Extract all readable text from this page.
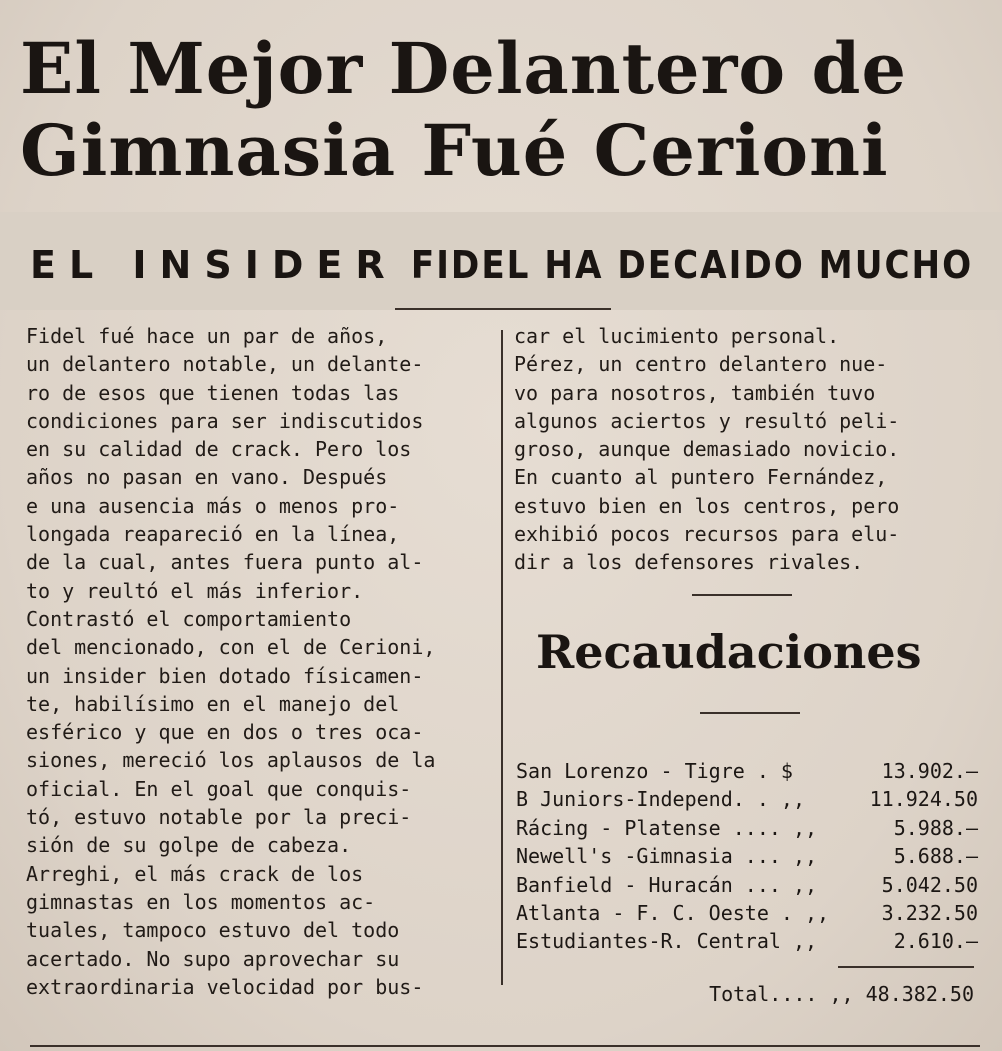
El Mejor Delantero de
Gimnasia Fué Cerioni
EL INSIDER FIDEL HA DECAIDO MUCHO

Fidel fué hace un par de años,

un delantero notable, un delante-

ro de esos que tienen todas las

condiciones para ser indiscutidos

en su calidad de crack. Pero los

años no pasan en vano. Después

e una ausencia más o menos pro-

longada reapareció en la línea,

de la cual, antes fuera punto al-

to y reultó el más inferior.

Contrastó el comportamiento

del mencionado, con el de Cerioni,

un insider bien dotado físicamen-

te, habilísimo en el manejo del

esférico y que en dos o tres oca-

siones, mereció los aplausos de la

oficial. En el goal que conquis-

tó, estuvo notable por la preci-

sión de su golpe de cabeza.

Arreghi, el más crack de los

gimnastas en los momentos ac-

tuales, tampoco estuvo del todo

acertado. No supo aprovechar su

extraordinaria velocidad por bus-

car el lucimiento personal.

Pérez, un centro delantero nue-

vo para nosotros, también tuvo

algunos aciertos y resultó peli-

groso, aunque demasiado novicio.

En cuanto al puntero Fernández,

estuvo bien en los centros, pero

exhibió pocos recursos para elu-

dir a los defensores rivales.

Recaudaciones
San Lorenzo - Tigre . $	13.902.—
B Juniors-Independ. . ,,	11.924.50
Rácing - Platense .... ,,	5.988.—
Newell's -Gimnasia ... ,,	5.688.—
Banfield - Huracán ... ,,	5.042.50
Atlanta - F. C. Oeste . ,,	3.232.50
Estudiantes-R. Central ,,	2.610.—
Total.... ,, 48.382.50
